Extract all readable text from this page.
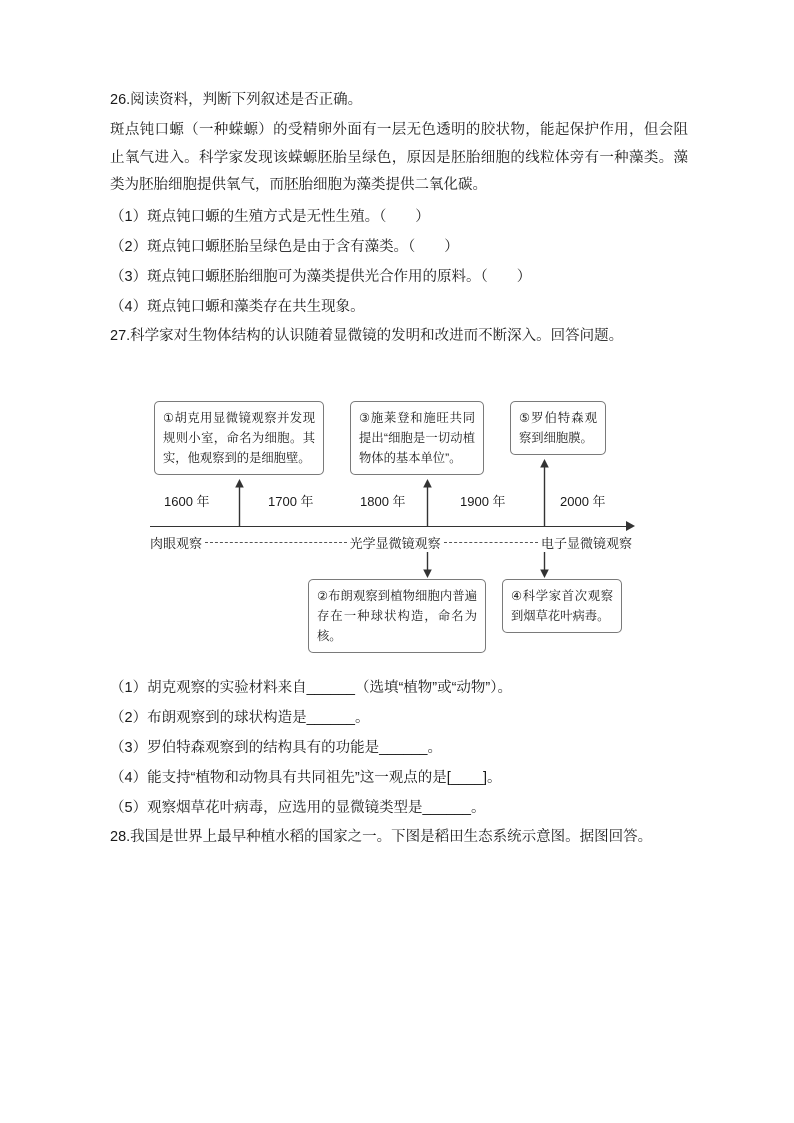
26.阅读资料，判断下列叙述是否正确。

斑点钝口螈（一种蝾螈）的受精卵外面有一层无色透明的胶状物，能起保护作用，但会阻止氧气进入。科学家发现该蝾螈胚胎呈绿色，原因是胚胎细胞的线粒体旁有一种藻类。藻类为胚胎细胞提供氧气，而胚胎细胞为藻类提供二氧化碳。

（1）斑点钝口螈的生殖方式是无性生殖。（　　）

（2）斑点钝口螈胚胎呈绿色是由于含有藻类。（　　）

（3）斑点钝口螈胚胎细胞可为藻类提供光合作用的原料。（　　）

（4）斑点钝口螈和藻类存在共生现象。

27.科学家对生物体结构的认识随着显微镜的发明和改进而不断深入。回答问题。

①胡克用显微镜观察并发现规则小室，命名为细胞。其实，他观察到的是细胞壁。
③施莱登和施旺共同提出“细胞是一切动植物体的基本单位”。
⑤罗伯特森观察到细胞膜。
1600 年	1700 年	1800 年	1900 年	2000 年
肉眼观察	光学显微镜观察	电子显微镜观察
②布朗观察到植物细胞内普遍存在一种球状构造，命名为核。
④科学家首次观察到烟草花叶病毒。

（1）胡克观察的实验材料来自______（选填“植物”或“动物”）。

（2）布朗观察到的球状构造是______。

（3）罗伯特森观察到的结构具有的功能是______。

（4）能支持“植物和动物具有共同祖先”这一观点的是[____]。

（5）观察烟草花叶病毒，应选用的显微镜类型是______。

28.我国是世界上最早种植水稻的国家之一。下图是稻田生态系统示意图。据图回答。
